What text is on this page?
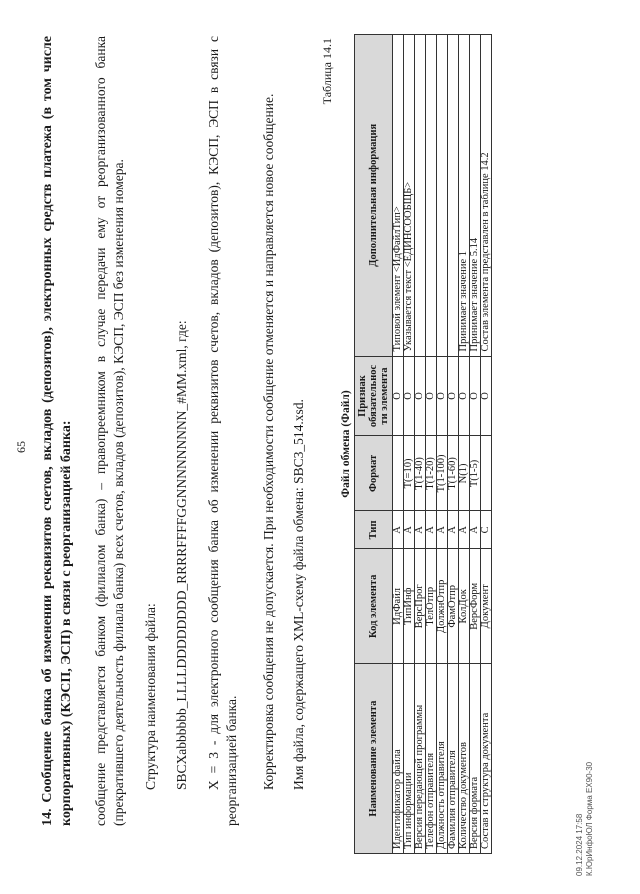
65 14. Сообщение банка об изменении реквизитов счетов, вкладов (депозитов), электронных средств платежа (в том числе корпоративных) (КЭСП, ЭСП) в связи с реорганизацией банка: сообщение представляется банком (филиалом банка) – правопреемником в случае передачи ему от реорганизованного банка (прекратившего деятельность филиала банка) всех счетов, вкладов (депозитов), КЭСП, ЭСП без изменения номера. Структура наименования файла: SBCXabbbbbb_LLLLDDDDDDDD_RRRRFFFFGGNNNNNNNNN_#MM.xml, где: X = 3 - для электронного сообщения банка об изменении реквизитов счетов, вкладов (депозитов), КЭСП, ЭСП в связи с реорганизацией банка. Корректировка сообщения не допускается. При необходимости сообщение отменяется и направляется новое сообщение. Имя файла, содержащего XML-схему файла обмена: SBC3_514.xsd.
Таблица 14.1
Файл обмена (Файл)
Наименование элемента	Код элемента	Тип	Формат	Признак обязательнос ти элемента	Дополнительная информация
Идентификатор файла	ИдФайл	А		О	Типовой элемент <ИдФайлТип>
Тип информации	ТипИнф	А	T(=10)	О	Указывается текст <ЕДИНСООБЩБ>
Версия передающей программы	ВерсПрог	А	T(1-40)	О	
Телефон отправителя	ТелОтпр	А	T(1-20)	О	
Должность отправителя	ДолжнОтпр	А	T(1-100)	О	
Фамилия отправителя	ФамОтпр	А	T(1-60)	О	
Количество документов	КолДок	А	N(1)	О	Принимает значение 1
Версия формата	ВерсФорм	А	T(1-5)	О	Принимает значение 5.14
Состав и структура документа	Документ	С		О	Состав элемента представлен в таблице 14.2
09.12.2024 17:58 К.ЮрИнфоЮЛ Форма ЕХ90-30
